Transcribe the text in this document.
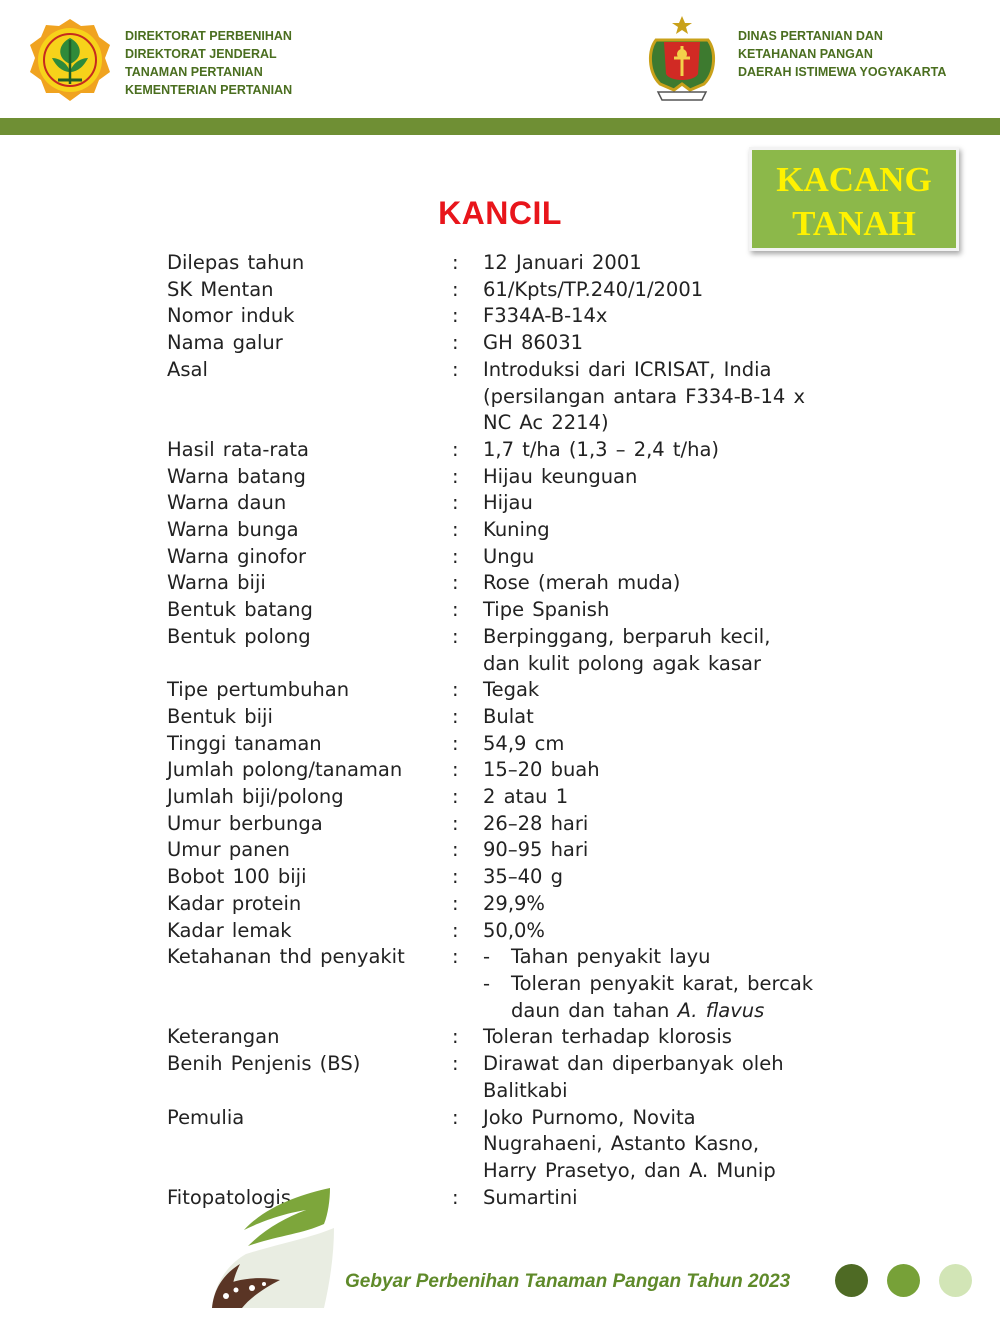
DIREKTORAT PERBENIHAN
DIREKTORAT JENDERAL
TANAMAN PERTANIAN
KEMENTERIAN PERTANIAN
DINAS PERTANIAN DAN
KETAHANAN PANGAN
DAERAH ISTIMEWA YOGYAKARTA
KACANG
TANAH
KANCIL
Dilepas tahun	:	12 Januari 2001
SK Mentan	:	61/Kpts/TP.240/1/2001
Nomor induk	:	F334A-B-14x
Nama galur	:	GH 86031
Asal	:	Introduksi dari ICRISAT, India
(persilangan antara F334-B-14 x
NC Ac 2214)
Hasil rata-rata	:	1,7 t/ha (1,3 – 2,4 t/ha)
Warna batang	:	Hijau keunguan
Warna daun	:	Hijau
Warna bunga	:	Kuning
Warna ginofor	:	Ungu
Warna biji	:	Rose (merah muda)
Bentuk batang	:	Tipe Spanish
Bentuk polong	:	Berpinggang, berparuh kecil,
dan kulit polong agak kasar
Tipe pertumbuhan	:	Tegak
Bentuk biji	:	Bulat
Tinggi tanaman	:	54,9 cm
Jumlah polong/tanaman	:	15–20 buah
Jumlah biji/polong	:	2 atau 1
Umur berbunga	:	26–28 hari
Umur panen	:	90–95 hari
Bobot 100 biji	:	35–40 g
Kadar protein	:	29,9%
Kadar lemak	:	50,0%
Ketahanan thd penyakit	:	-	Tahan penyakit layu
-	Toleran penyakit karat, bercak
daun dan tahan A. flavus
Keterangan	:	Toleran terhadap klorosis
Benih Penjenis (BS)	:	Dirawat dan diperbanyak oleh
Balitkabi
Pemulia	:	Joko Purnomo, Novita
Nugrahaeni, Astanto Kasno,
Harry Prasetyo, dan A. Munip
Fitopatologis	:	Sumartini
Gebyar Perbenihan Tanaman Pangan Tahun 2023
